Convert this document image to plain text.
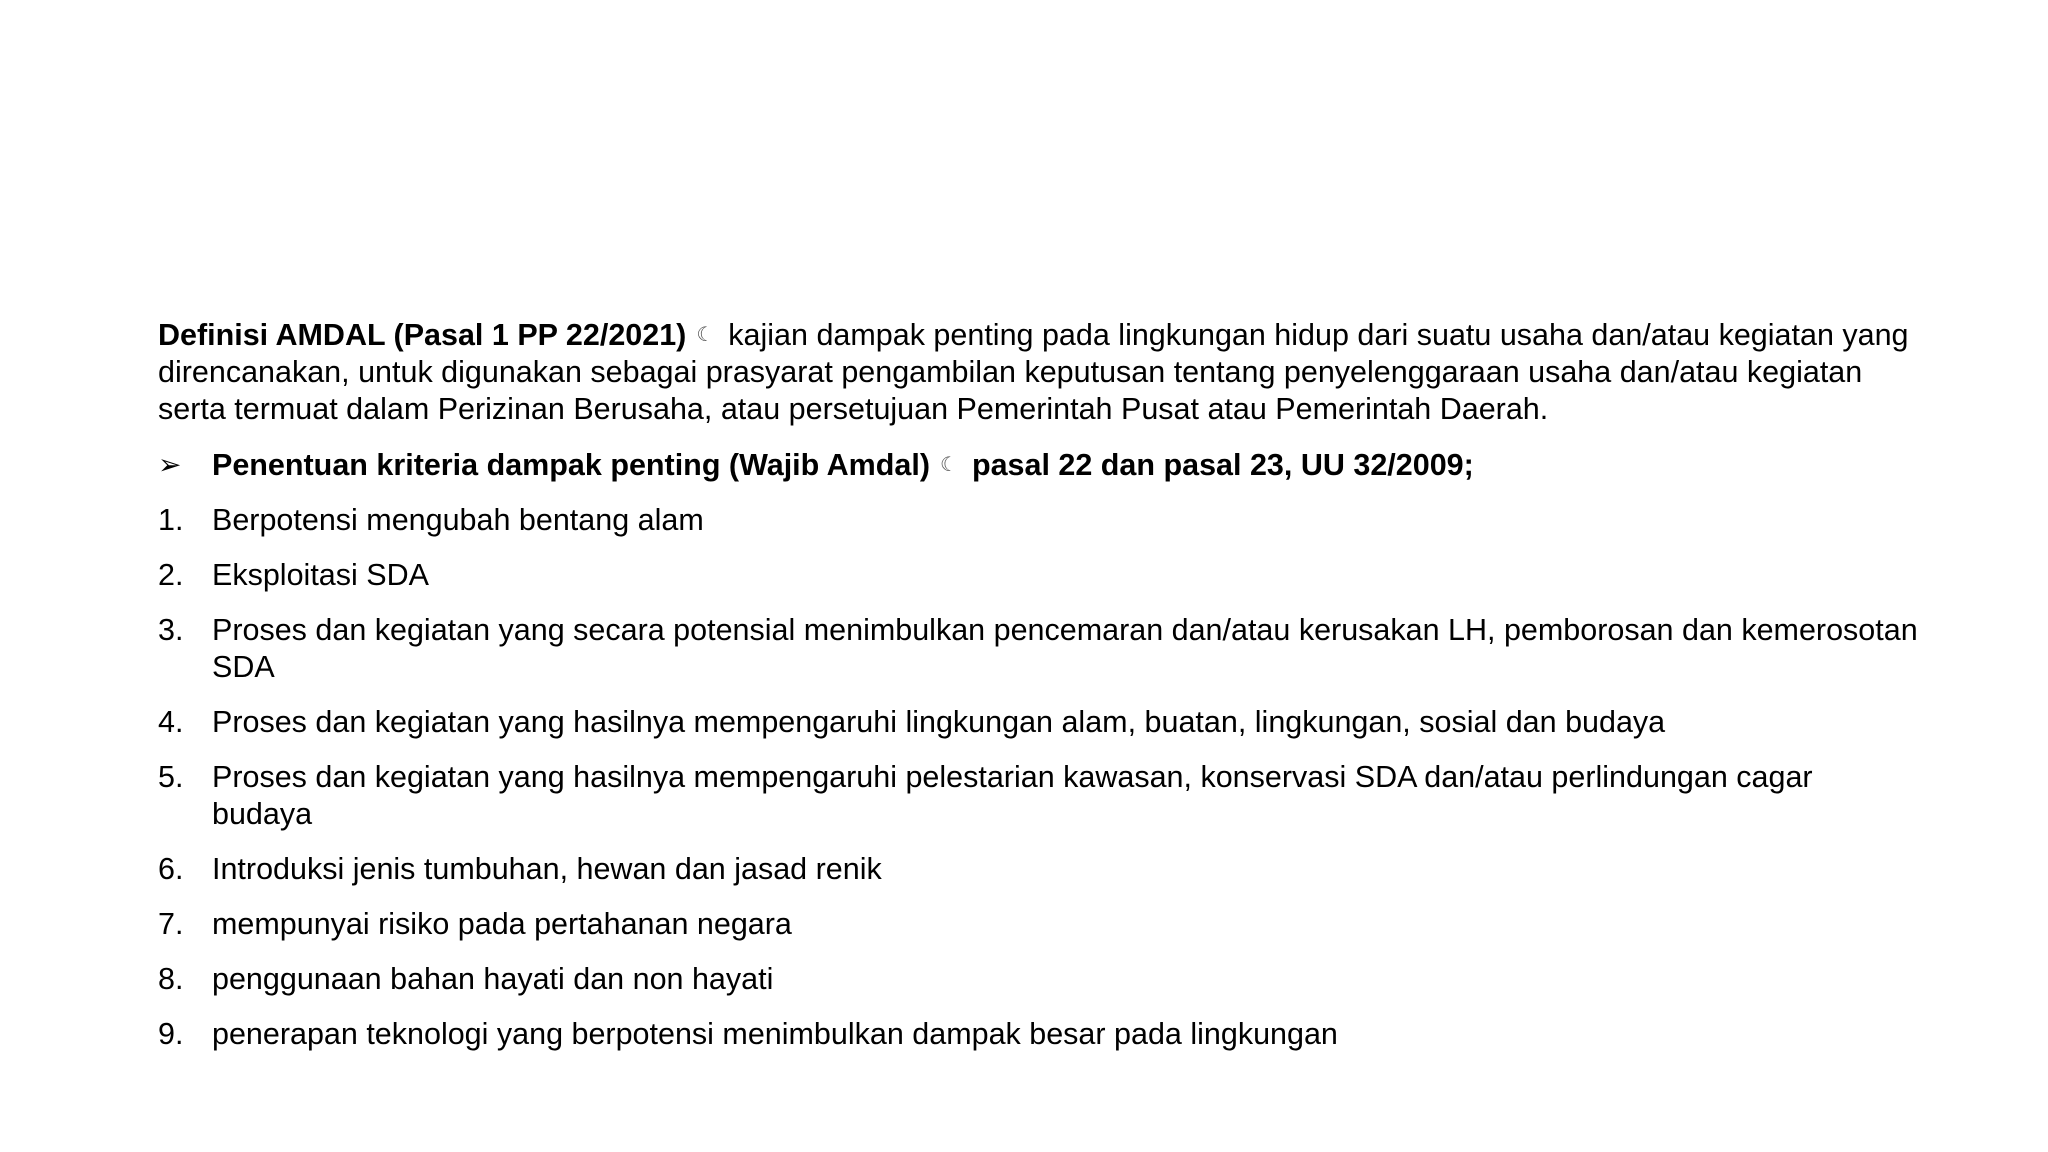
Definisi AMDAL (Pasal 1 PP 22/2021) ☾ kajian dampak penting pada lingkungan hidup dari suatu usaha dan/atau kegiatan yang direncanakan, untuk digunakan sebagai prasyarat pengambilan keputusan tentang penyelenggaraan usaha dan/atau kegiatan serta termuat dalam Perizinan Berusaha, atau persetujuan Pemerintah Pusat atau Pemerintah Daerah.

➢	Penentuan kriteria dampak penting (Wajib Amdal) ☾ pasal 22 dan pasal 23, UU 32/2009;
1. Berpotensi mengubah bentang alam
2. Eksploitasi SDA
3. Proses dan kegiatan yang secara potensial menimbulkan pencemaran dan/atau kerusakan LH, pemborosan dan kemerosotan SDA
4. Proses dan kegiatan yang hasilnya mempengaruhi lingkungan alam, buatan, lingkungan, sosial dan budaya
5. Proses dan kegiatan yang hasilnya mempengaruhi pelestarian kawasan, konservasi SDA dan/atau perlindungan cagar budaya
6. Introduksi jenis tumbuhan, hewan dan jasad renik
7. mempunyai risiko pada pertahanan negara
8. penggunaan bahan hayati dan non hayati
9. penerapan teknologi yang berpotensi menimbulkan dampak besar pada lingkungan
